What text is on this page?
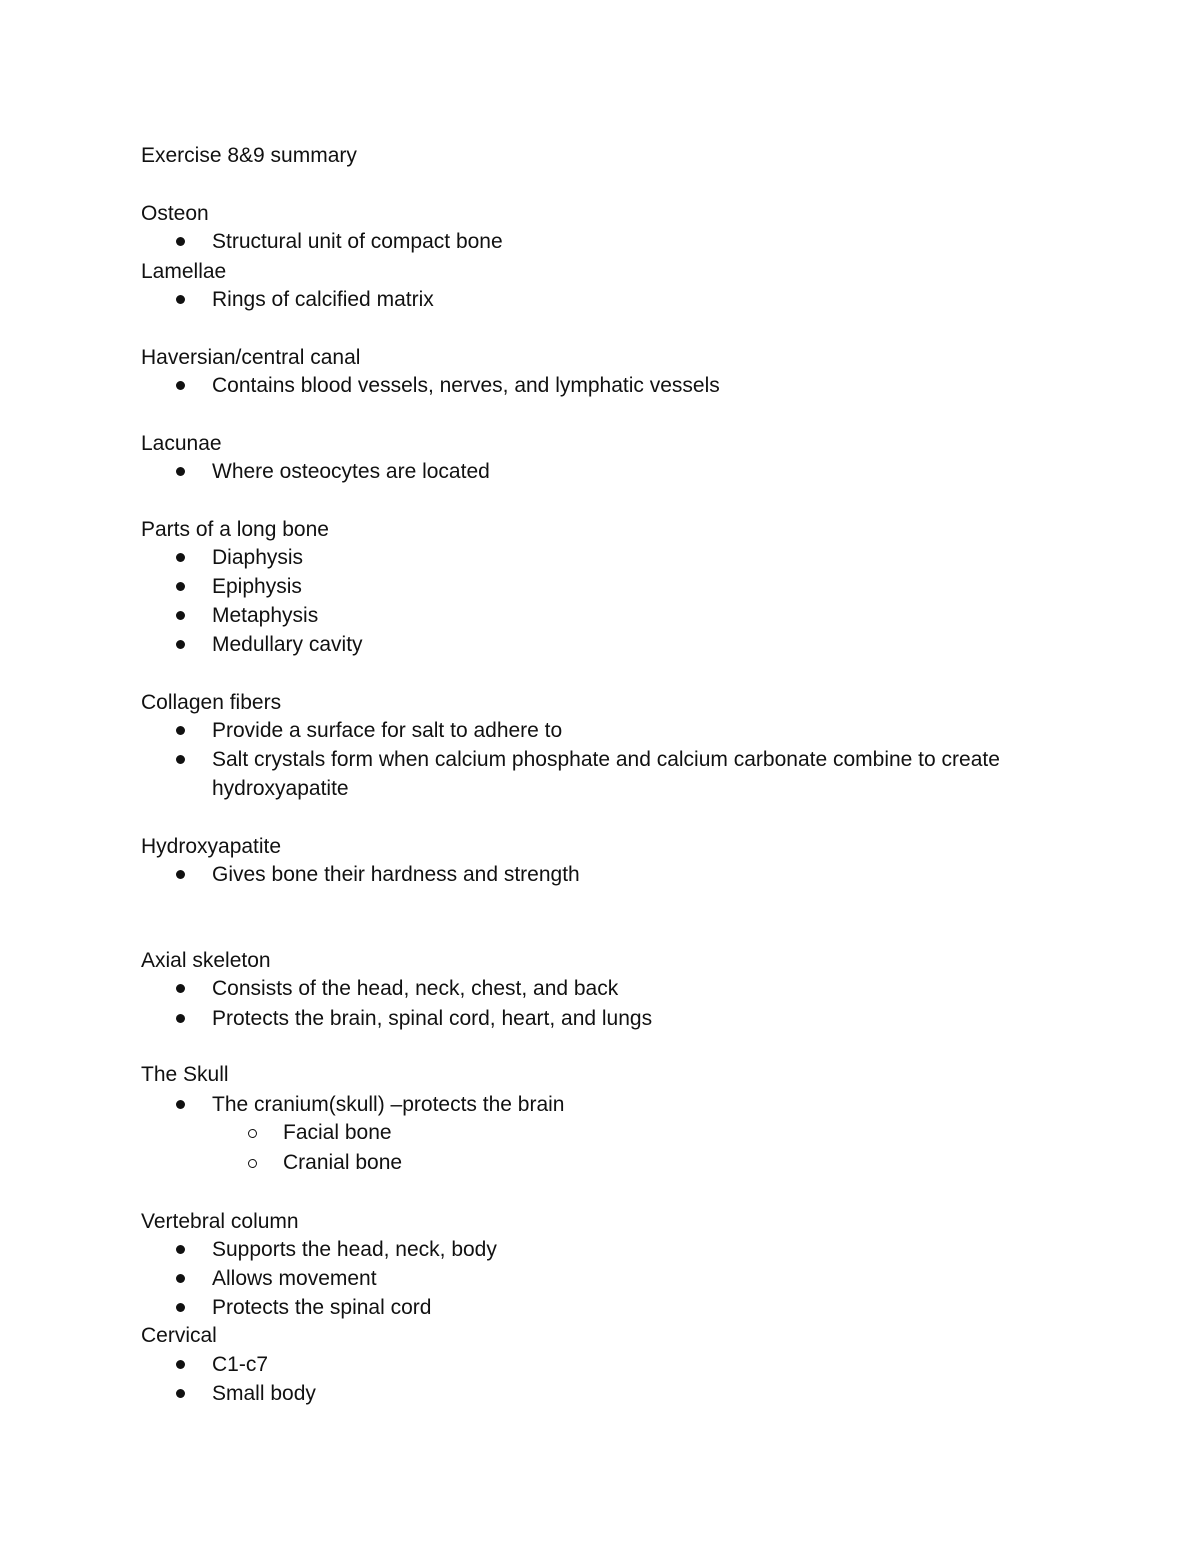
Exercise 8&9 summary
Osteon
Structural unit of compact bone
Lamellae
Rings of calcified matrix
Haversian/central canal
Contains blood vessels, nerves, and lymphatic vessels
Lacunae
Where osteocytes are located
Parts of a long bone
Diaphysis
Epiphysis
Metaphysis
Medullary cavity
Collagen fibers
Provide a surface for salt to adhere to
Salt crystals form when calcium phosphate and calcium carbonate combine to create
hydroxyapatite
Hydroxyapatite
Gives bone their hardness and strength
Axial skeleton
Consists of the head, neck, chest, and back
Protects the brain, spinal cord, heart, and lungs
The Skull
The cranium(skull) –protects the brain
Facial bone
Cranial bone
Vertebral column
Supports the head, neck, body
Allows movement
Protects the spinal cord
Cervical
C1-c7
Small body
